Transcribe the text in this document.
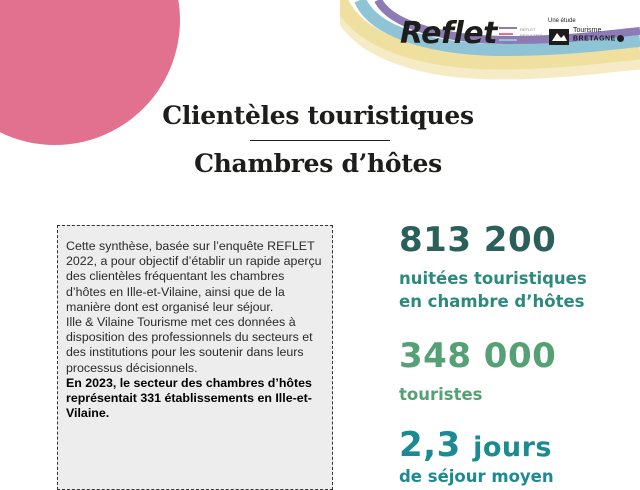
Reflet	REFLET
RÉSULTATS
2022
Une étude
Tourisme
BRETAGNE
Clientèles touristiques
Chambres d’hôtes

Cette synthèse, basée sur l’enquête REFLET 2022, a pour objectif d’établir un rapide aperçu des clientèles fréquentant les chambres d’hôtes en Ille-et-Vilaine, ainsi que de la manière dont est organisé leur séjour.

Ille & Vilaine Tourisme met ces données à disposition des professionnels du secteurs et des institutions pour les soutenir dans leurs processus décisionnels.

En 2023, le secteur des chambres d’hôtes représentait 331 établissements en Ille-et-Vilaine.

813 200
nuitées touristiques
en chambre d’hôtes
348 000
touristes
2,3 jours
de séjour moyen
